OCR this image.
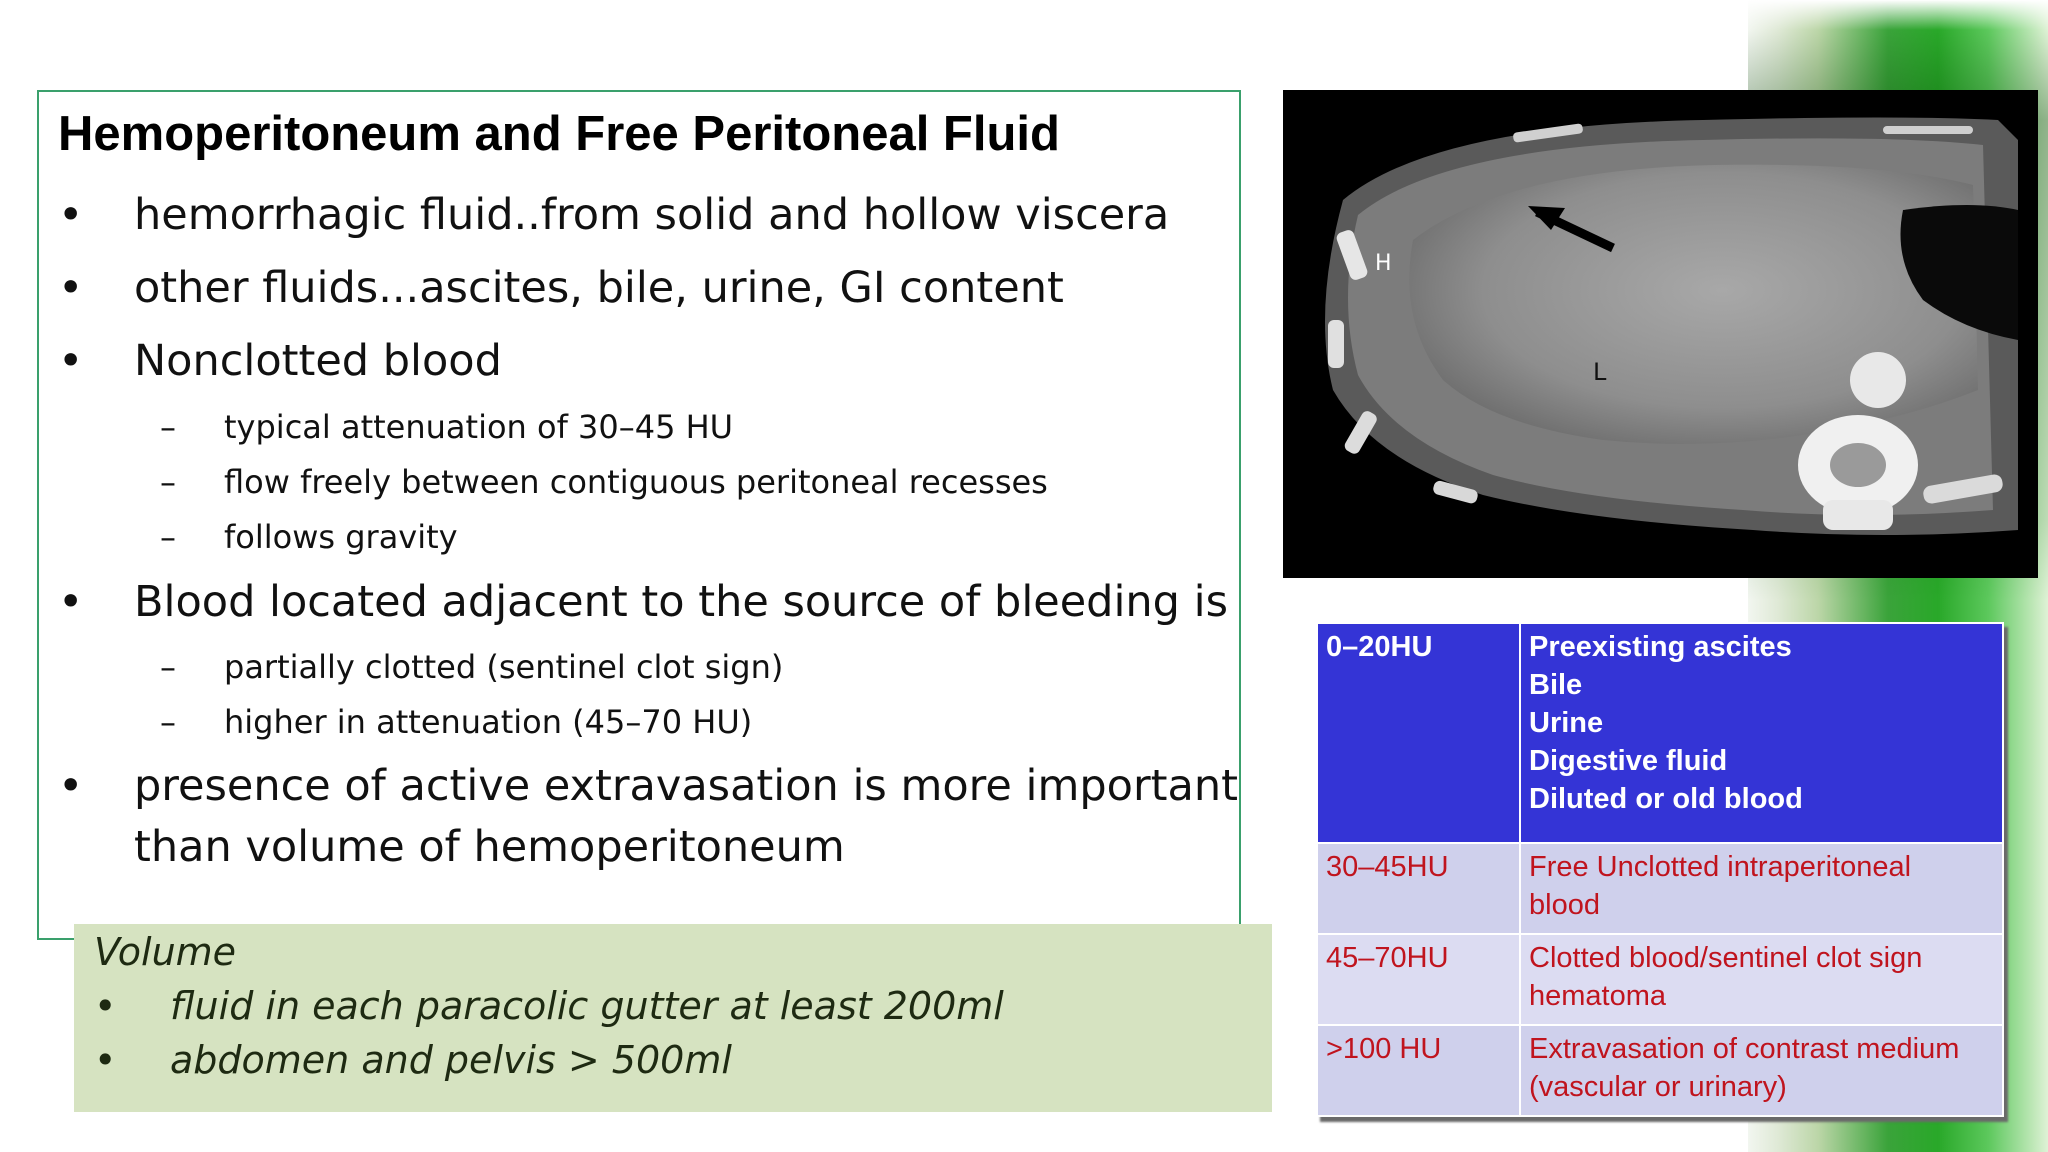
Hemoperitoneum and Free Peritoneal Fluid
• hemorrhagic fluid..from solid and hollow viscera
• other fluids...ascites, bile, urine, GI content
• Nonclotted blood
– typical attenuation of 30–45 HU
– flow freely between contiguous peritoneal recesses
– follows gravity
• Blood located adjacent to the source of bleeding is
– partially clotted (sentinel clot sign)
– higher in attenuation (45–70 HU)
• presence of active extravasation is more important
than volume of hemoperitoneum
Volume
• fluid in each paracolic gutter at least 200ml
• abdomen and pelvis > 500ml
H
L
0–20HU	Preexisting ascites
Bile
Urine
Digestive fluid
Diluted or old blood

30–45HU	Free Unclotted intraperitoneal
blood

45–70HU	Clotted blood/sentinel clot sign
hematoma

>100 HU	Extravasation of contrast medium
(vascular or urinary)
